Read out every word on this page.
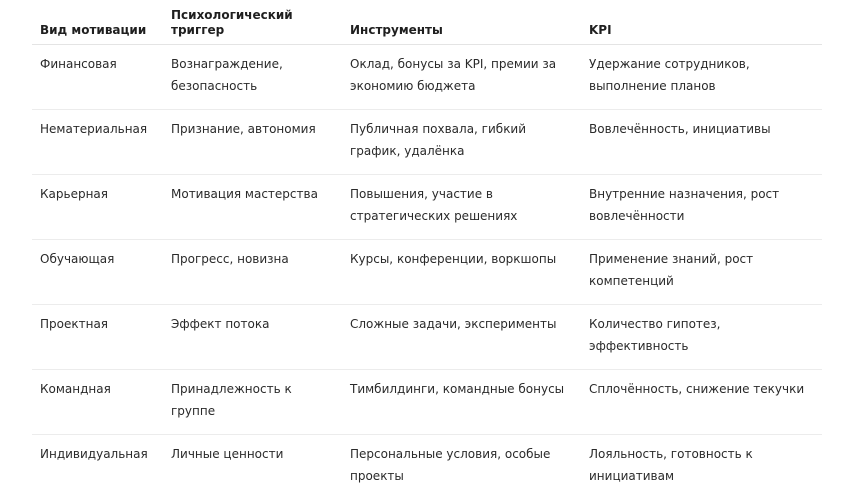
Вид мотивации	Психологический триггер	Инструменты	KPI
Финансовая	Вознаграждение, безопасность	Оклад, бонусы за KPI, премии за экономию бюджета	Удержание сотрудников, выполнение планов
Нематериальная	Признание, автономия	Публичная похвала, гибкий график, удалёнка	Вовлечённость, инициативы
Карьерная	Мотивация мастерства	Повышения, участие в стратегических решениях	Внутренние назначения, рост вовлечённости
Обучающая	Прогресс, новизна	Курсы, конференции, воркшопы	Применение знаний, рост компетенций
Проектная	Эффект потока	Сложные задачи, эксперименты	Количество гипотез, эффективность
Командная	Принадлежность к группе	Тимбилдинги, командные бонусы	Сплочённость, снижение текучки
Индивидуальная	Личные ценности	Персональные условия, особые проекты	Лояльность, готовность к инициативам
